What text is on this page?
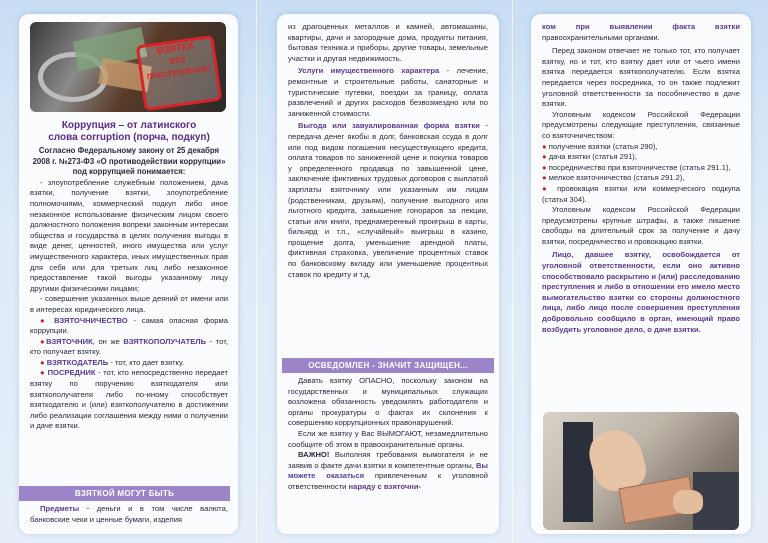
ВЗЯТКА
ЭТО
ПРЕСТУПЛЕНИЕ!

Коррупция – от латинского

слова corruption (порча, подкуп)

Согласно Федеральному закону от 25 декабря 2008 г. №273-Ф3 «О противодействии коррупции» под коррупцией понимается:

- злоупотребление служебным положением, дача взятки, получение взятки, злоупотребление полномочиями, коммерческий подкуп либо иное незаконное использование физическим лицом своего должностного положения вопреки законным интересам общества и государства в целях получения выгоды в виде денег, ценностей, иного имущества или услуг имущественного характера, иных имущественных прав для себя или для третьих лиц либо незаконное предоставление такой выгоды указанному лицу другими физическими лицами;

- совершение указанных выше деяний от имени или в интересах юридического лица.

● ВЗЯТОЧНИЧЕСТВО - самая опасная форма коррупции.

●ВЗЯТОЧНИК, он же ВЗЯТКОПОЛУЧАТЕЛЬ - тот, кто получает взятку.

● ВЗЯТКОДАТЕЛЬ - тот, кто дает взятку.

● ПОСРЕДНИК - тот, кто непосредственно передает взятку по поручению взяткодателя или взяткополучателя либо по-иному способствует взяткодателю и (или) взяткополучателю в достижении либо реализации соглашения между ними о получении и даче взятки.

ВЗЯТКОЙ МОГУТ БЫТЬ

Предметы - деньги и в том числе валюта, банковские чеки и ценные бумаги, изделия

из драгоценных металлов и камней, автомашины, квартиры, дачи и загородные дома, продукты питания, бытовая техника и приборы, другие товары, земельные участки и другая недвижимость.

Услуги имущественного характера - лечение, ремонтные и строительные работы, санаторные и туристические путевки, поездки за границу, оплата развлечений и других расходов безвозмездно или по заниженной стоимости.

Выгода или завуалированная форма взятки - передача денег якобы в долг, банковская ссуда в долг или под видом погашения несуществующего кредита, оплата товаров по заниженной цене и покупка товаров у определенного продавца по завышенной цене, заключение фиктивных трудовых договоров с выплатой зарплаты взяточнику или указанным им лицам (родственникам, друзьям), получение выгодного или льготного кредита, завышение гонораров за лекции, статьи или книги, преднамеренный проигрыш в карты, бильярд и т.п., «случайный» выигрыш в казино, прощение долга, уменьшение арендной платы, фиктивная страховка, увеличение процентных ставок по банковскому вкладу или уменьшение процентных ставок по кредиту и т.д.

ОСВЕДОМЛЕН - ЗНАЧИТ ЗАЩИЩЕН...

Давать взятку ОПАСНО, поскольку законом на государственных и муниципальных служащих возложена обязанность уведомлять работодателя и органы прокуратуры о фактах их склонения к совершению коррупционных правонарушений.

Если же взятку у Вас ВЫМОГАЮТ, незамедлительно сообщите об этом в правоохранительные органы.

ВАЖНО! Выполняя требования вымогателя и не заявив о факте дачи взятки в компетентные органы, Вы можете оказаться привлеченным к уголовной ответственности наряду с взяточни-

ком при выявлении факта взятки правоохранительными органами.

Перед законом отвечает не только тот, кто получает взятку, но и тот, кто взятку дает или от чьего имени взятка передается взяткополучателю. Если взятка передается через посредника, то он также подлежит уголовной ответственности за пособничество в даче взятки.

Уголовным кодексом Российской Федерации предусмотрены следующие преступления, связанные со взяточничеством:

● получение взятки (статья 290),

● дача взятки (статья 291),

● посредничество при взяточничестве (статья 291.1),

● мелкое взяточничество (статья 291.2),

● провокация взятки или коммерческого подкупа (статья 304).

Уголовным кодексом Российской Федерации предусмотрены крупные штрафы, а также лишение свободы на длительный срок за получение и дачу взятки, посредничество и провокацию взятки.

Лицо, давшее взятку, освобождается от уголовной ответственности, если оно активно способствовало раскрытию и (или) расследованию преступления и либо в отношении его имело место вымогательство взятки со стороны должностного лица, либо лицо после совершения преступления добровольно сообщило в орган, имеющий право возбудить уголовное дело, о даче взятки.
